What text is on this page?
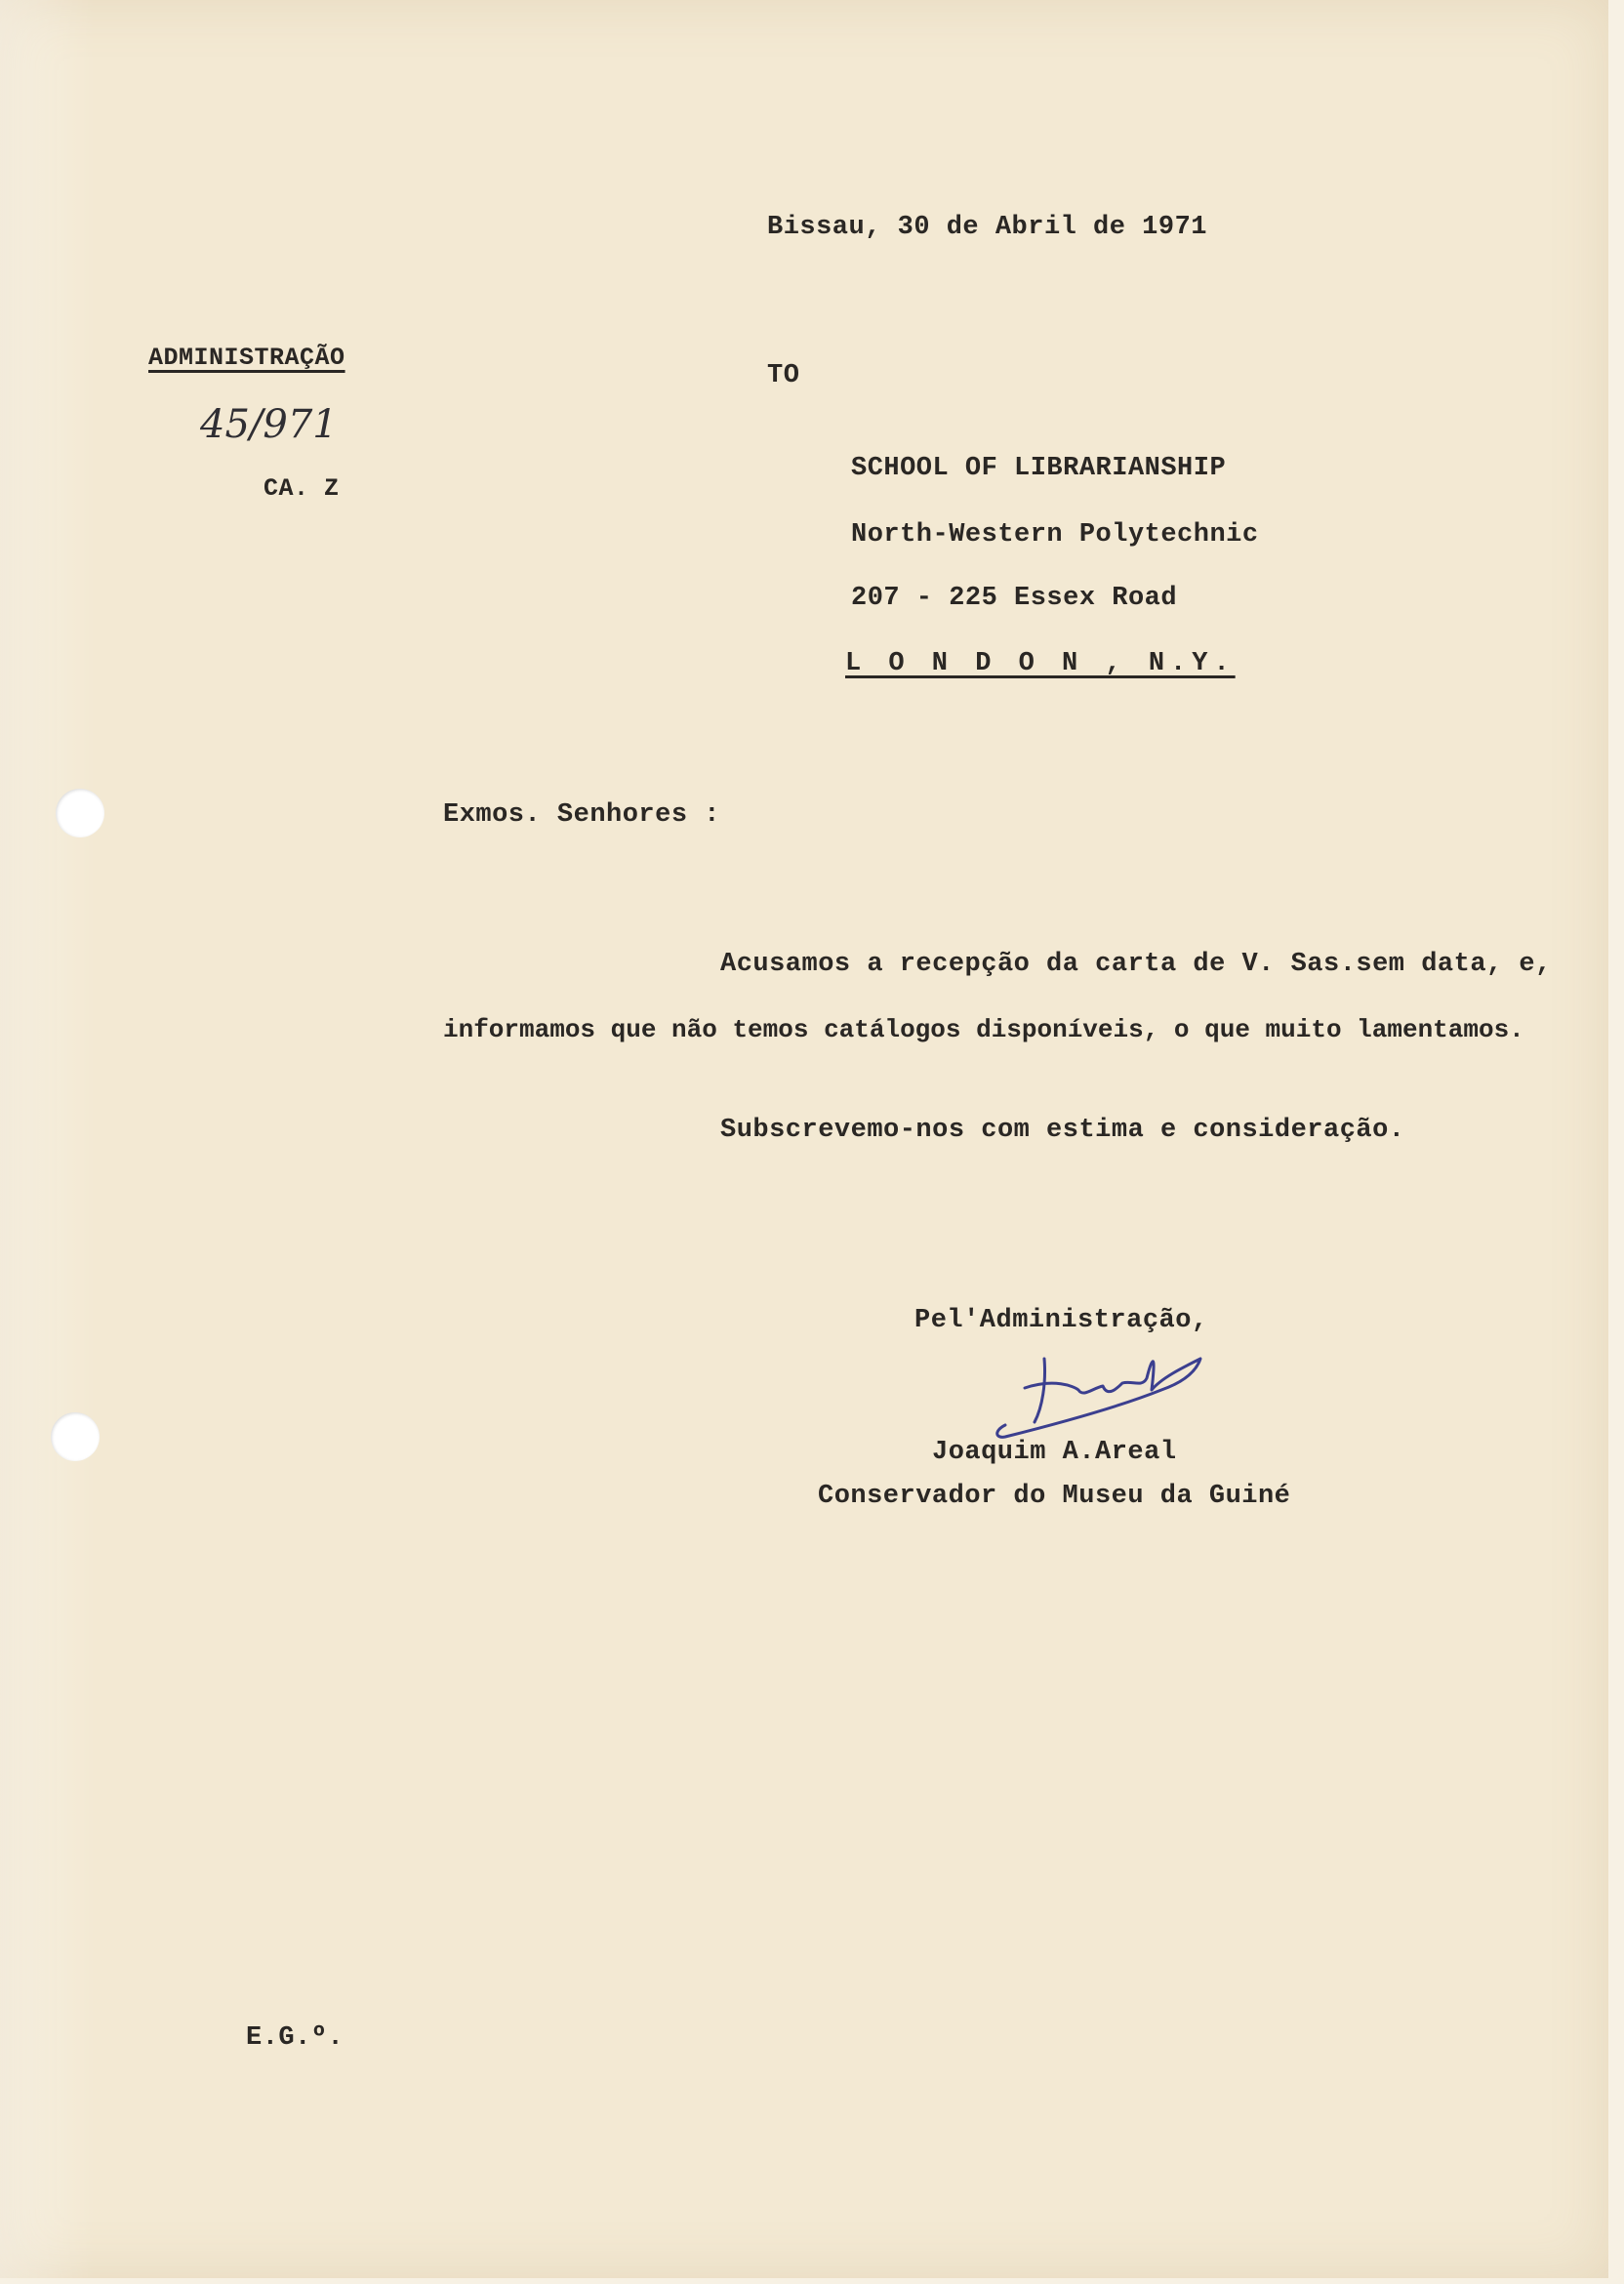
Bissau, 30 de Abril de 1971
ADMINISTRAÇÃO
45/971
CA. Z
TO
SCHOOL OF LIBRARIANSHIP
North-Western Polytechnic
207 - 225 Essex Road
L O N D O N , N.Y.
Exmos. Senhores :
Acusamos a recepção da carta de V. Sas.sem data, e,
informamos que não temos catálogos disponíveis, o que muito lamentamos.
Subscrevemo-nos com estima e consideração.
Pel'Administração,
Joaquim A.Areal
Conservador do Museu da Guiné
E.G.º.
